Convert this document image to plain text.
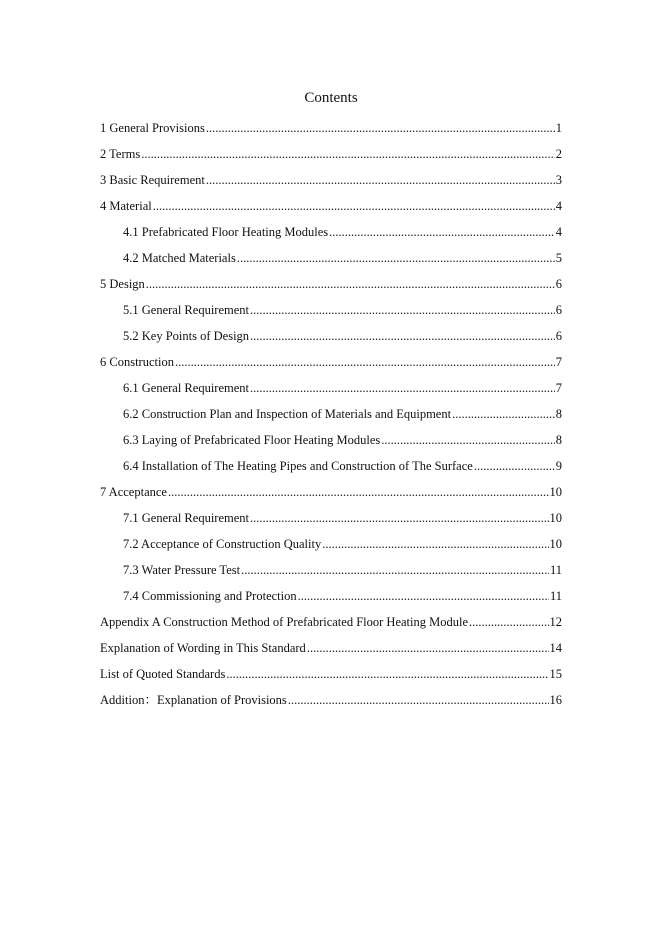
Contents
1 General Provisions .....	1
2 Terms .....	2
3 Basic Requirement .....	3
4 Material .....	4
4.1 Prefabricated Floor Heating Modules .....	4
4.2 Matched Materials .....	5
5 Design .....	6
5.1 General Requirement .....	6
5.2 Key Points of Design .....	6
6 Construction .....	7
6.1 General Requirement .....	7
6.2 Construction Plan and Inspection of Materials and Equipment .....	8
6.3 Laying of Prefabricated Floor Heating Modules .....	8
6.4 Installation of The Heating Pipes and Construction of The Surface .....	9
7 Acceptance .....	10
7.1 General Requirement .....	10
7.2 Acceptance of Construction Quality .....	10
7.3 Water Pressure Test .....	11
7.4 Commissioning and Protection .....	11
Appendix A Construction Method of Prefabricated Floor Heating Module .....	12
Explanation of Wording in This Standard .....	14
List of Quoted Standards .....	15
Addition：Explanation of Provisions .....	16
